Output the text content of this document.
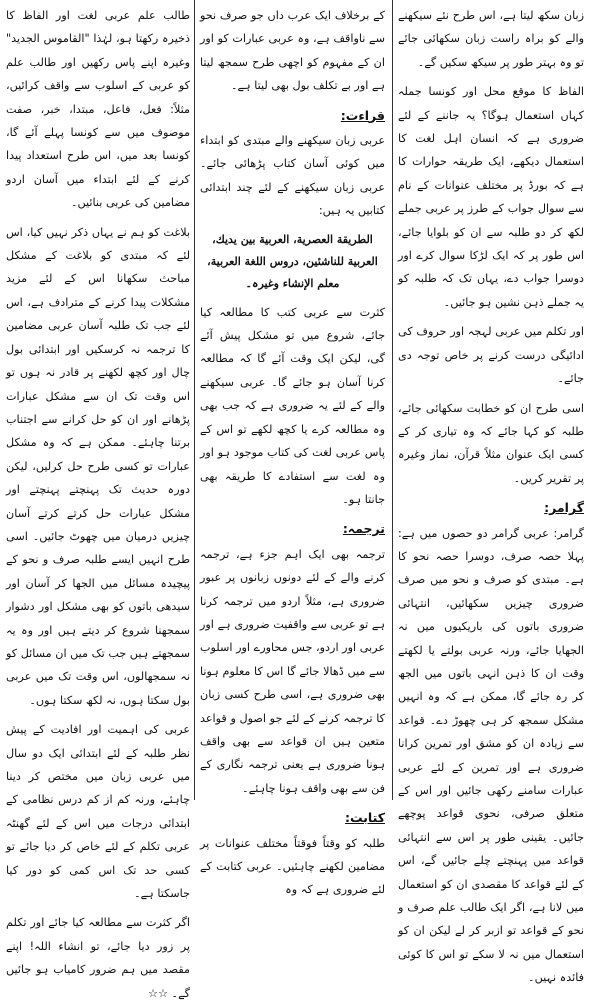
زبان سکھ لیتا ہے، اس طرح نئے سیکھنے والے کو براہ راست زبان سکھائی جائے تو وہ بہتر طور پر سیکھ سکیں گے۔

الفاظ کا موقع محل اور کونسا جملہ کہاں استعمال ہوگا؟ یہ جاننے کے لئے ضروری ہے کہ انسان اہل لغت کا استعمال دیکھے، ایک طریقہ حوارات کا ہے کہ بورڈ پر مختلف عنوانات کے نام سے سوال جواب کے طرز پر عربی جملے لکھ کر دو طلبہ سے ان کو بلوایا جائے، اس طور پر کہ ایک لڑکا سوال کرے اور دوسرا جواب دے، یہاں تک کہ طلبہ کو یہ جملے ذہن نشین ہو جائیں۔

اور تکلم میں عربی لہجہ اور حروف کی ادائیگی درست کرنے پر خاص توجہ دی جائے۔

اسی طرح ان کو خطابت سکھائی جائے، طلبہ کو کہا جائے کہ وہ تیاری کر کے کسی ایک عنوان مثلاً قرآن، نماز وغیرہ پر تقریر کریں۔

گرامر:

گرامر: عربی گرامر دو حصوں میں ہے: پہلا حصہ صرف، دوسرا حصہ نحو کا ہے۔ مبتدی کو صرف و نحو میں صرف ضروری چیزیں سکھائیں، انتہائی ضروری باتوں کی باریکیوں میں نہ الجھایا جائے، ورنہ عربی بولتے یا لکھتے وقت ان کا ذہن انہی باتوں میں الجھ کر رہ جائے گا، ممکن ہے کہ وہ انہیں مشکل سمجھ کر ہی چھوڑ دے۔ قواعد سے زیادہ ان کو مشق اور تمرین کرانا ضروری ہے اور تمرین کے لئے عربی عبارات سامنے رکھی جائیں اور اس کے متعلق صرفی، نحوی قواعد پوچھے جائیں۔ یقینی طور پر اس سے انتہائی قواعد میں پہنچتے چلے جائیں گے، اس کے لئے قواعد کا مقصدی ان کو استعمال میں لانا ہے، اگر ایک طالب علم صرف و نحو کے قواعد تو ازبر کر لے لیکن ان کو استعمال میں نہ لا سکے تو اس کا کوئی فائدہ نہیں۔

کے برخلاف ایک عرب داں جو صرف نحو سے ناواقف ہے، وہ عربی عبارات کو اور ان کے مفہوم کو اچھی طرح سمجھ لیتا ہے اور بے تکلف بول بھی لیتا ہے۔

قراءت:

عربی زبان سیکھنے والے مبتدی کو ابتداء میں کوئی آسان کتاب پڑھائی جائے۔ عربی زبان سیکھنے کے لئے چند ابتدائی کتابیں یہ ہیں:

الطريقة العصرية، العربية بين يديك، العربية للناشئين، دروس اللغة العربية، معلم الإنشاء وغیرہ۔

کثرت سے عربی کتب کا مطالعہ کیا جائے، شروع میں تو مشکل پیش آئے گی، لیکن ایک وقت آئے گا کہ مطالعہ کرنا آسان ہو جائے گا۔ عربی سیکھنے والے کے لئے یہ ضروری ہے کہ جب بھی وہ مطالعہ کرے یا کچھ لکھے تو اس کے پاس عربی لغت کی کتاب موجود ہو اور وہ لغت سے استفادے کا طریقہ بھی جانتا ہو۔

ترجمہ:

ترجمہ بھی ایک اہم جزء ہے، ترجمہ کرنے والے کے لئے دونوں زبانوں پر عبور ضروری ہے، مثلاً اردو میں ترجمہ کرنا ہے تو عربی سے واقفیت ضروری ہے اور عربی اور اردو، جس محاورے اور اسلوب سے میں ڈھالا جائے گا اس کا معلوم ہونا بھی ضروری ہے، اسی طرح کسی زبان کا ترجمہ کرنے کے لئے جو اصول و قواعد متعین ہیں ان قواعد سے بھی واقف ہونا ضروری ہے یعنی ترجمہ نگاری کے فن سے بھی واقف ہونا چاہئے۔

کتابت:

طلبہ کو وقتاً فوقتاً مختلف عنوانات پر مضامین لکھنے چاہئیں۔ عربی کتابت کے لئے ضروری ہے کہ وہ

طالب علم عربی لغت اور الفاظ کا ذخیرہ رکھتا ہو، لہٰذا "القاموس الجديد" وغیرہ اپنے پاس رکھیں اور طالب علم کو عربی کے اسلوب سے واقف کرائیں، مثلاً: فعل، فاعل، مبتدا، خبر، صفت موصوف میں سے کونسا پہلے آئے گا، کونسا بعد میں، اس طرح استعداد پیدا کرنے کے لئے ابتداء میں آسان اردو مضامین کی عربی بنائیں۔

بلاغت کو ہم نے یہاں ذکر نہیں کیا، اس لئے کہ مبتدی کو بلاغت کے مشکل مباحث سکھانا اس کے لئے مزید مشکلات پیدا کرنے کے مترادف ہے، اس لئے جب تک طلبہ آسان عربی مضامین کا ترجمہ نہ کرسکیں اور ابتدائی بول چال اور کچھ لکھنے پر قادر نہ ہوں تو اس وقت تک ان سے مشکل عبارات پڑھانے اور ان کو حل کرانے سے اجتناب برتنا چاہئے۔ ممکن ہے کہ وہ مشکل عبارات تو کسی طرح حل کرلیں، لیکن دورہ حدیث تک پہنچتے پہنچتے اور مشکل عبارات حل کرتے کرتے آسان چیزیں درمیان میں چھوٹ جائیں۔ اسی طرح انہیں ایسے طلبہ صرف و نحو کے پیچیدہ مسائل میں الجھا کر آسان اور سیدھی باتوں کو بھی مشکل اور دشوار سمجھنا شروع کر دیتے ہیں اور وہ یہ سمجھتے ہیں جب تک میں ان مسائل کو نہ سمجھالوں، اس وقت تک میں عربی بول سکتا ہوں، نہ لکھ سکتا ہوں۔

عربی کی اہمیت اور افادیت کے پیش نظر طلبہ کے لئے ابتدائی ایک دو سال میں عربی زبان میں مختص کر دینا چاہئے، ورنہ کم از کم درس نظامی کے ابتدائی درجات میں اس کے لئے گھنٹہ عربی تکلم کے لئے خاص کر دیا جائے تو کسی حد تک اس کمی کو دور کیا جاسکتا ہے۔

اگر کثرت سے مطالعہ کیا جائے اور تکلم پر زور دیا جائے، تو انشاء اللہ! اپنے مقصد میں ہم ضرور کامیاب ہو جائیں گے۔ ☆☆
